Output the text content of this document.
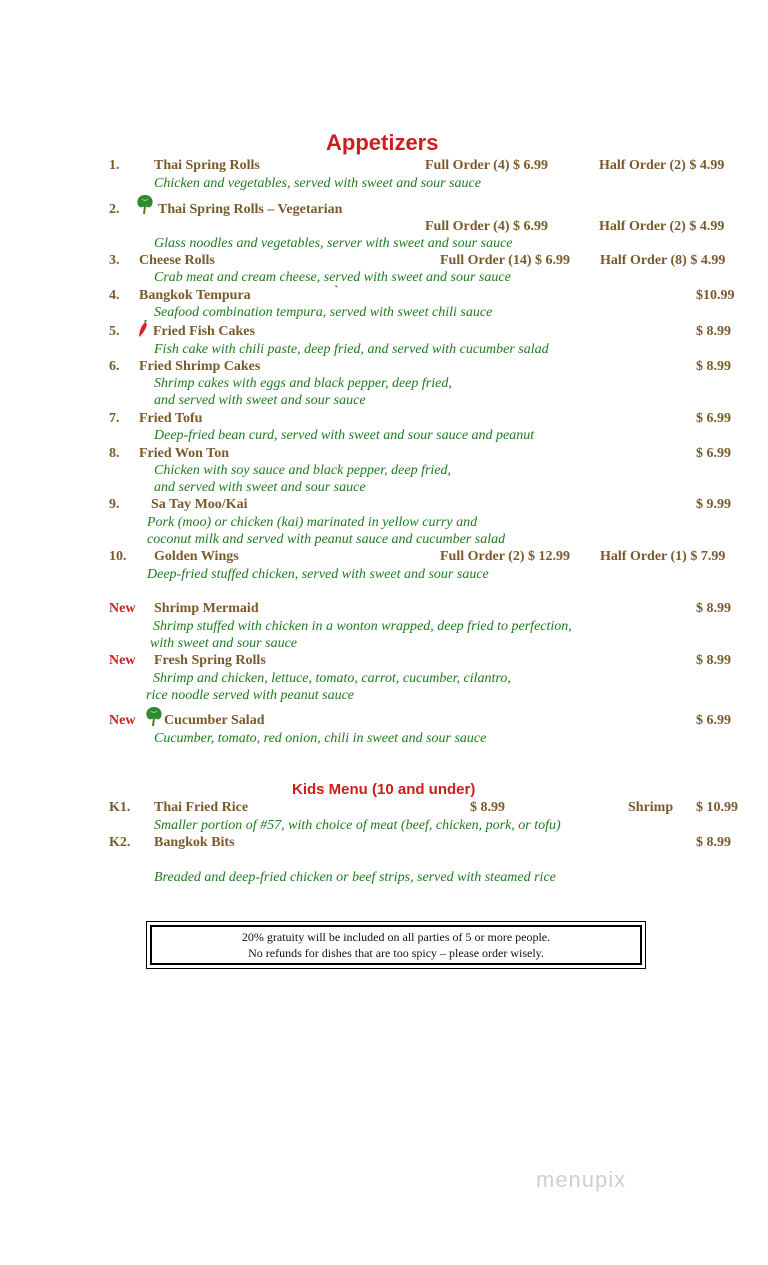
Appetizers
1. Thai Spring Rolls	Full Order (4) $ 6.99	Half Order (2) $ 4.99
Chicken and vegetables, served with sweet and sour sauce
2.	Thai Spring Rolls – Vegetarian
Full Order (4) $ 6.99	Half Order (2) $ 4.99
Glass noodles and vegetables, server with sweet and sour sauce
3. Cheese Rolls	Full Order (14) $ 6.99 Half Order (8) $ 4.99
Crab meat and cream cheese, served with sweet and sour sauce
4. Bangkok Tempura	`	$10.99
Seafood combination tempura, served with sweet chili sauce
5. Fried Fish Cakes	$ 8.99
Fish cake with chili paste, deep fried, and served with cucumber salad
6. Fried Shrimp Cakes	$ 8.99
Shrimp cakes with eggs and black pepper, deep fried,
and served with sweet and sour sauce
7. Fried Tofu	$ 6.99
Deep-fried bean curd, served with sweet and sour sauce and peanut
8. Fried Won Ton	$ 6.99
Chicken with soy sauce and black pepper, deep fried,
and served with sweet and sour sauce
9. Sa Tay Moo/Kai	$ 9.99
Pork (moo) or chicken (kai) marinated in yellow curry and
coconut milk and served with peanut sauce and cucumber salad
10. Golden Wings	Full Order (2) $ 12.99 Half Order (1) $ 7.99
Deep-fried stuffed chicken, served with sweet and sour sauce
New Shrimp Mermaid	$ 8.99
Shrimp stuffed with chicken in a wonton wrapped, deep fried to perfection,
with sweet and sour sauce
New Fresh Spring Rolls	$ 8.99
Shrimp and chicken, lettuce, tomato, carrot, cucumber, cilantro,
rice noodle served with peanut sauce
New Cucumber Salad	$ 6.99
Cucumber, tomato, red onion, chili in sweet and sour sauce
Kids Menu (10 and under)
K1. Thai Fried Rice	$ 8.99	Shrimp $ 10.99
Smaller portion of #57, with choice of meat (beef, chicken, pork, or tofu)
K2. Bangkok Bits	$ 8.99
Breaded and deep-fried chicken or beef strips, served with steamed rice
20% gratuity will be included on all parties of 5 or more people.
No refunds for dishes that are too spicy – please order wisely.
menupix
